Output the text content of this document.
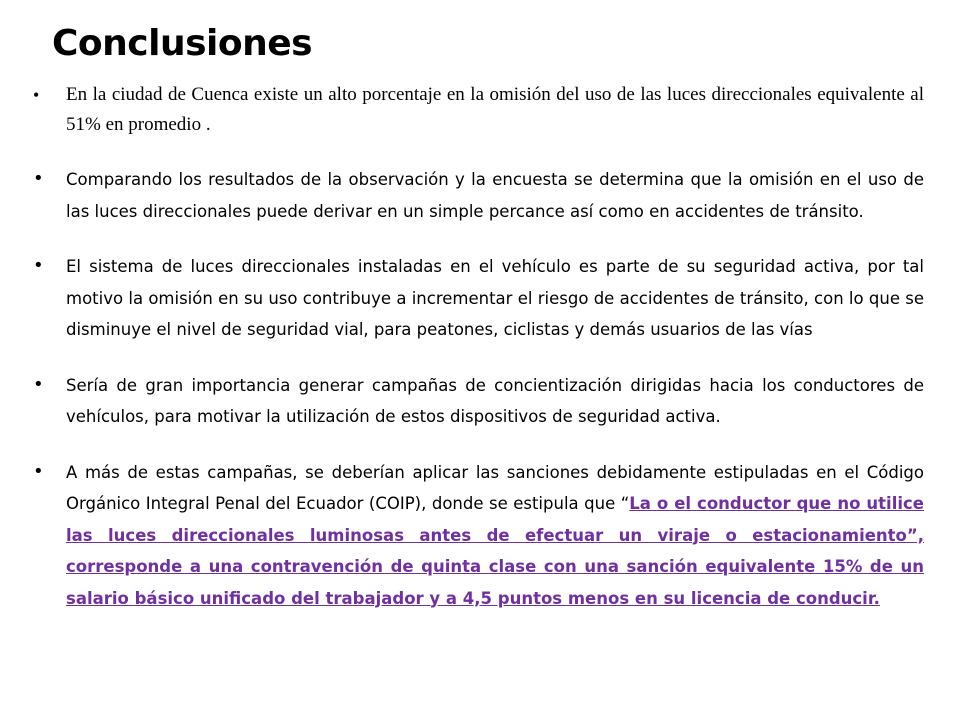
Conclusiones
• En la ciudad de Cuenca existe un alto porcentaje en la omisión del uso de las luces direccionales equivalente al 51% en promedio .
• Comparando los resultados de la observación y la encuesta se determina que la omisión en el uso de las luces direccionales puede derivar en un simple percance así como en accidentes de tránsito.
• El sistema de luces direccionales instaladas en el vehículo es parte de su seguridad activa, por tal motivo la omisión en su uso contribuye a incrementar el riesgo de accidentes de tránsito, con lo que se disminuye el nivel de seguridad vial, para peatones, ciclistas y demás usuarios de las vías
• Sería de gran importancia generar campañas de concientización dirigidas hacia los conductores de vehículos, para motivar la utilización de estos dispositivos de seguridad activa.
• A más de estas campañas, se deberían aplicar las sanciones debidamente estipuladas en el Código Orgánico Integral Penal del Ecuador (COIP), donde se estipula que “La o el conductor que no utilice las luces direccionales luminosas antes de efectuar un viraje o estacionamiento”, corresponde a una contravención de quinta clase con una sanción equivalente 15% de un salario básico unificado del trabajador y a 4,5 puntos menos en su licencia de conducir.
